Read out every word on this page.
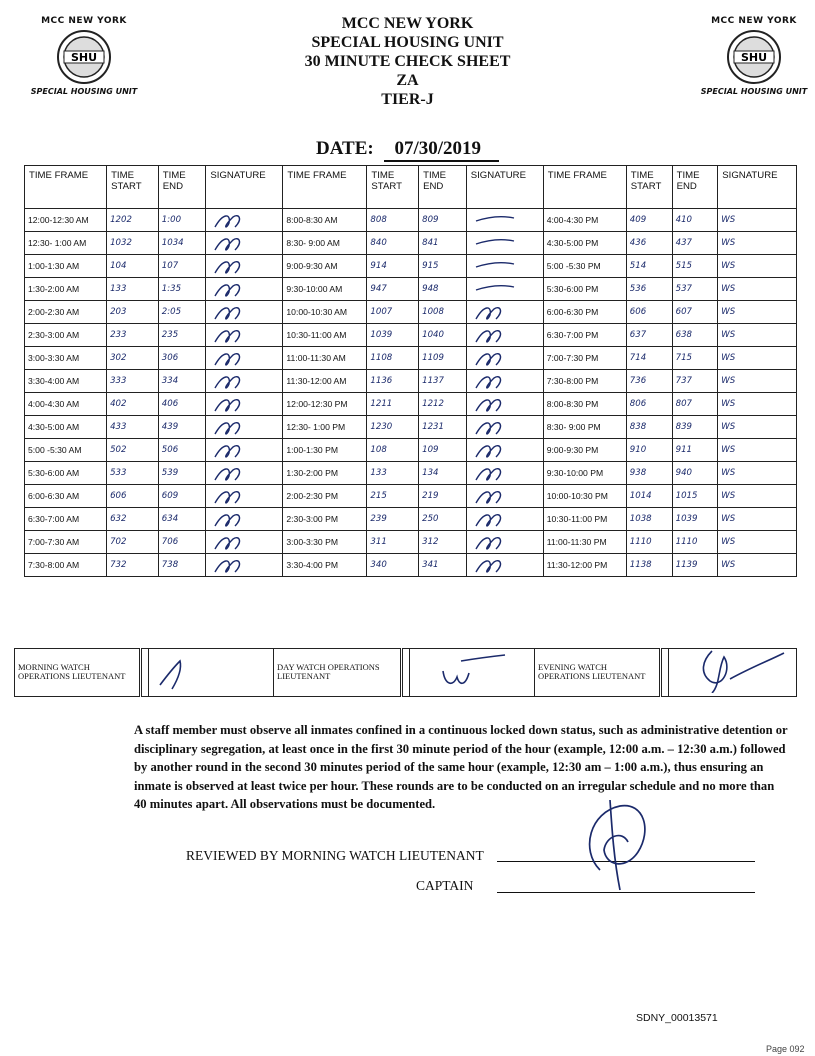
MCC NEW YORK
SHU
SPECIAL HOUSING UNIT
MCC NEW YORK
SHU
SPECIAL HOUSING UNIT
MCC NEW YORK
SPECIAL HOUSING UNIT
30 MINUTE CHECK SHEET
ZA
TIER-J
DATE: 07/30/2019
TIME FRAME	TIME START	TIME END	SIGNATURE	TIME FRAME	TIME START	TIME END	SIGNATURE	TIME FRAME	TIME START	TIME END	SIGNATURE
12:00-12:30 AM	1202	1:00		8:00-8:30 AM	808	809		4:00-4:30 PM	409	410	WS
12:30- 1:00 AM	1032	1034		8:30- 9:00 AM	840	841		4:30-5:00 PM	436	437	WS
1:00-1:30 AM	104	107		9:00-9:30 AM	914	915		5:00 -5:30 PM	514	515	WS
1:30-2:00 AM	133	1:35		9:30-10:00 AM	947	948		5:30-6:00 PM	536	537	WS
2:00-2:30 AM	203	2:05		10:00-10:30 AM	1007	1008		6:00-6:30 PM	606	607	WS
2:30-3:00 AM	233	235		10:30-11:00 AM	1039	1040		6:30-7:00 PM	637	638	WS
3:00-3:30 AM	302	306		11:00-11:30 AM	1108	1109		7:00-7:30 PM	714	715	WS
3:30-4:00 AM	333	334		11:30-12:00 AM	1136	1137		7:30-8:00 PM	736	737	WS
4:00-4:30 AM	402	406		12:00-12:30 PM	1211	1212		8:00-8:30 PM	806	807	WS
4:30-5:00 AM	433	439		12:30- 1:00 PM	1230	1231		8:30- 9:00 PM	838	839	WS
5:00 -5:30 AM	502	506		1:00-1:30 PM	108	109		9:00-9:30 PM	910	911	WS
5:30-6:00 AM	533	539		1:30-2:00 PM	133	134		9:30-10:00 PM	938	940	WS
6:00-6:30 AM	606	609		2:00-2:30 PM	215	219		10:00-10:30 PM	1014	1015	WS
6:30-7:00 AM	632	634		2:30-3:00 PM	239	250		10:30-11:00 PM	1038	1039	WS
7:00-7:30 AM	702	706		3:00-3:30 PM	311	312		11:00-11:30 PM	1110	1110	WS
7:30-8:00 AM	732	738		3:30-4:00 PM	340	341		11:30-12:00 PM	1138	1139	WS
MORNING WATCH OPERATIONS LIEUTENANT			DAY WATCH OPERATIONS LIEUTENANT			EVENING WATCH OPERATIONS LIEUTENANT		
A staff member must observe all inmates confined in a continuous locked down status, such as administrative detention or disciplinary segregation, at least once in the first 30 minute period of the hour (example, 12:00 a.m. – 12:30 a.m.) followed by another round in the second 30 minutes period of the same hour (example, 12:30 am – 1:00 a.m.), thus ensuring an inmate is observed at least twice per hour. These rounds are to be conducted on an irregular schedule and no more than 40 minutes apart. All observations must be documented.
REVIEWED BY MORNING WATCH LIEUTENANT
CAPTAIN
SDNY_00013571
Page 092
